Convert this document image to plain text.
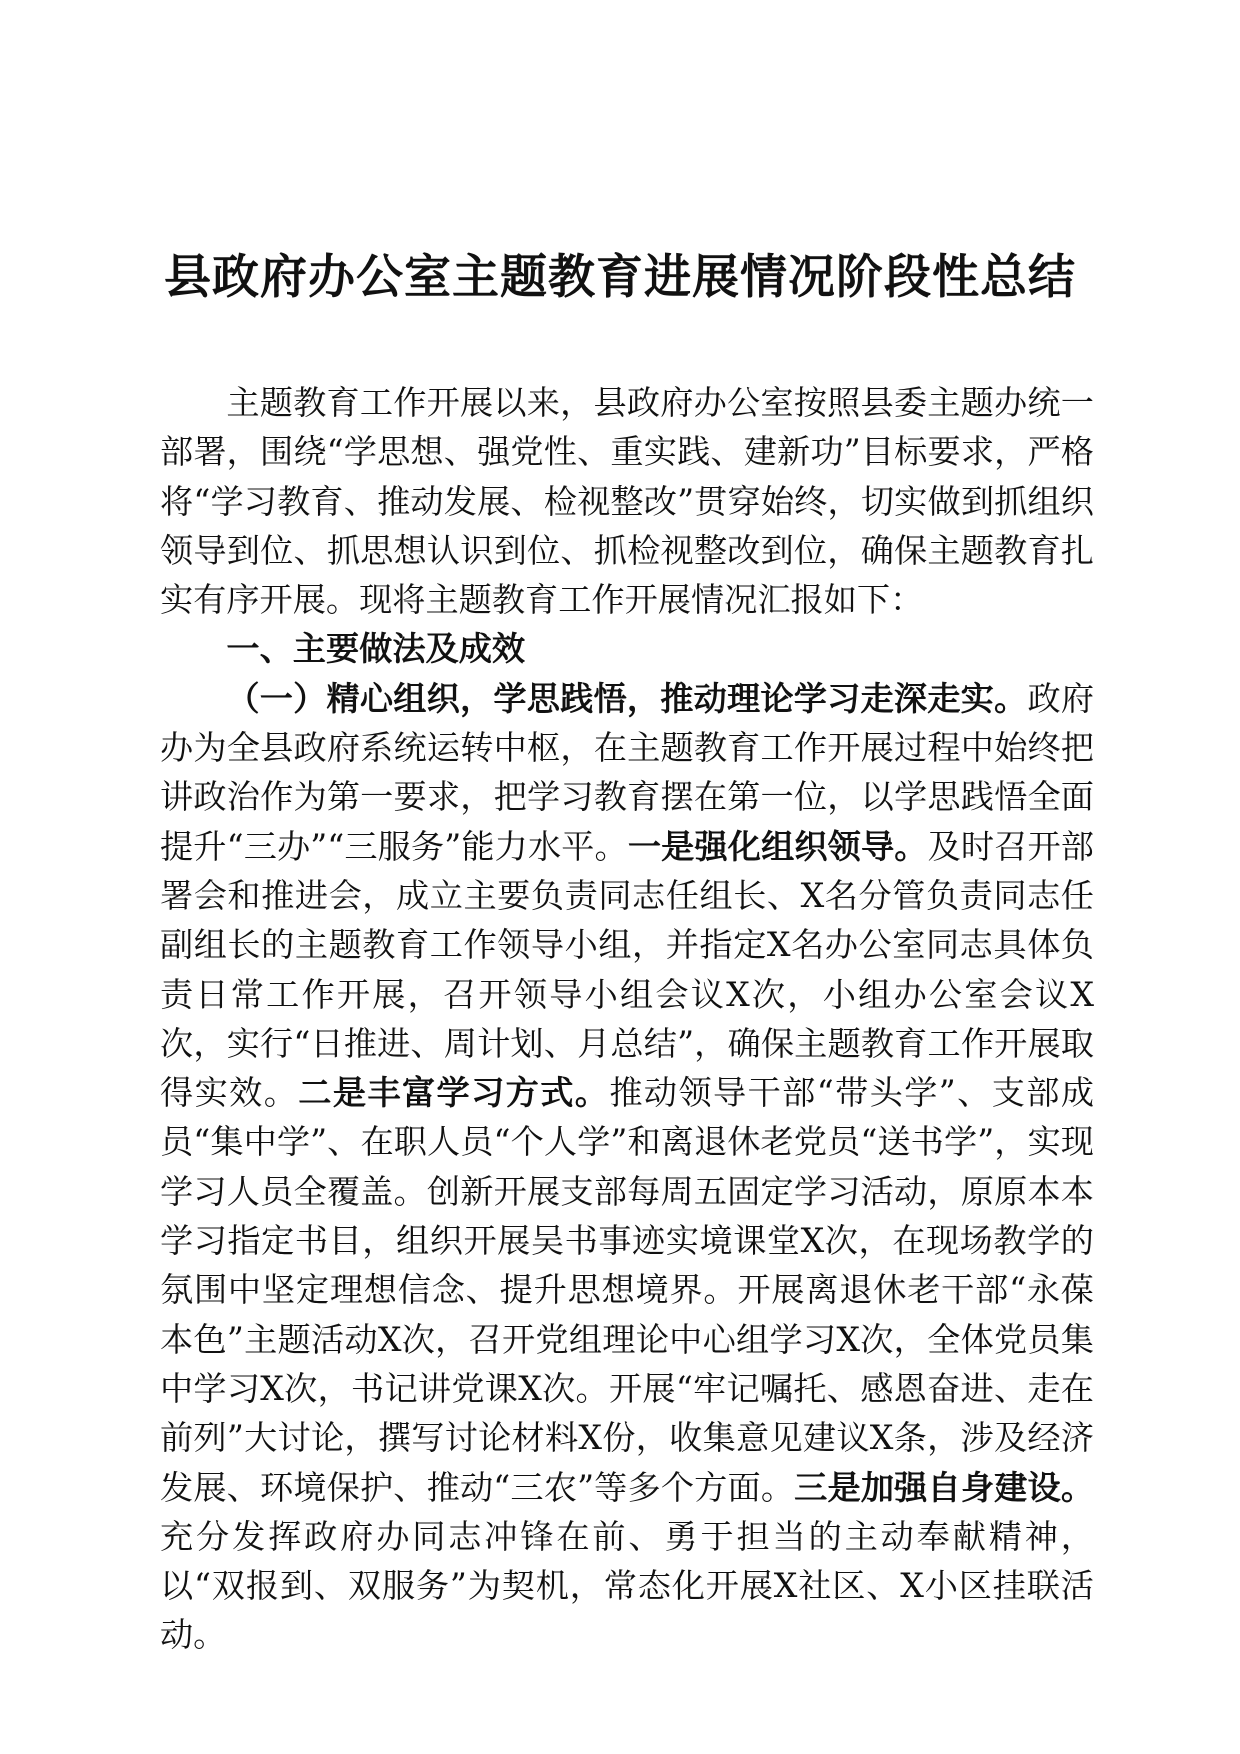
县政府办公室主题教育进展情况阶段性总结

主题教育工作开展以来，县政府办公室按照县委主题办统一部署，围绕“学思想、强党性、重实践、建新功”目标要求，严格将“学习教育、推动发展、检视整改”贯穿始终，切实做到抓组织领导到位、抓思想认识到位、抓检视整改到位，确保主题教育扎实有序开展。现将主题教育工作开展情况汇报如下：

一、主要做法及成效

（一）精心组织，学思践悟，推动理论学习走深走实。政府办为全县政府系统运转中枢，在主题教育工作开展过程中始终把讲政治作为第一要求，把学习教育摆在第一位，以学思践悟全面提升“三办”“三服务”能力水平。一是强化组织领导。及时召开部署会和推进会，成立主要负责同志任组长、X名分管负责同志任副组长的主题教育工作领导小组，并指定X名办公室同志具体负责日常工作开展，召开领导小组会议X次，小组办公室会议X次，实行“日推进、周计划、月总结”，确保主题教育工作开展取得实效。二是丰富学习方式。推动领导干部“带头学”、支部成员“集中学”、在职人员“个人学”和离退休老党员“送书学”，实现学习人员全覆盖。创新开展支部每周五固定学习活动，原原本本学习指定书目，组织开展吴书事迹实境课堂X次，在现场教学的氛围中坚定理想信念、提升思想境界。开展离退休老干部“永葆本色”主题活动X次，召开党组理论中心组学习X次，全体党员集中学习X次，书记讲党课X次。开展“牢记嘱托、感恩奋进、走在前列”大讨论，撰写讨论材料X份，收集意见建议X条，涉及经济发展、环境保护、推动“三农”等多个方面。三是加强自身建设。充分发挥政府办同志冲锋在前、勇于担当的主动奉献精神，以“双报到、双服务”为契机，常态化开展X社区、X小区挂联活动。
